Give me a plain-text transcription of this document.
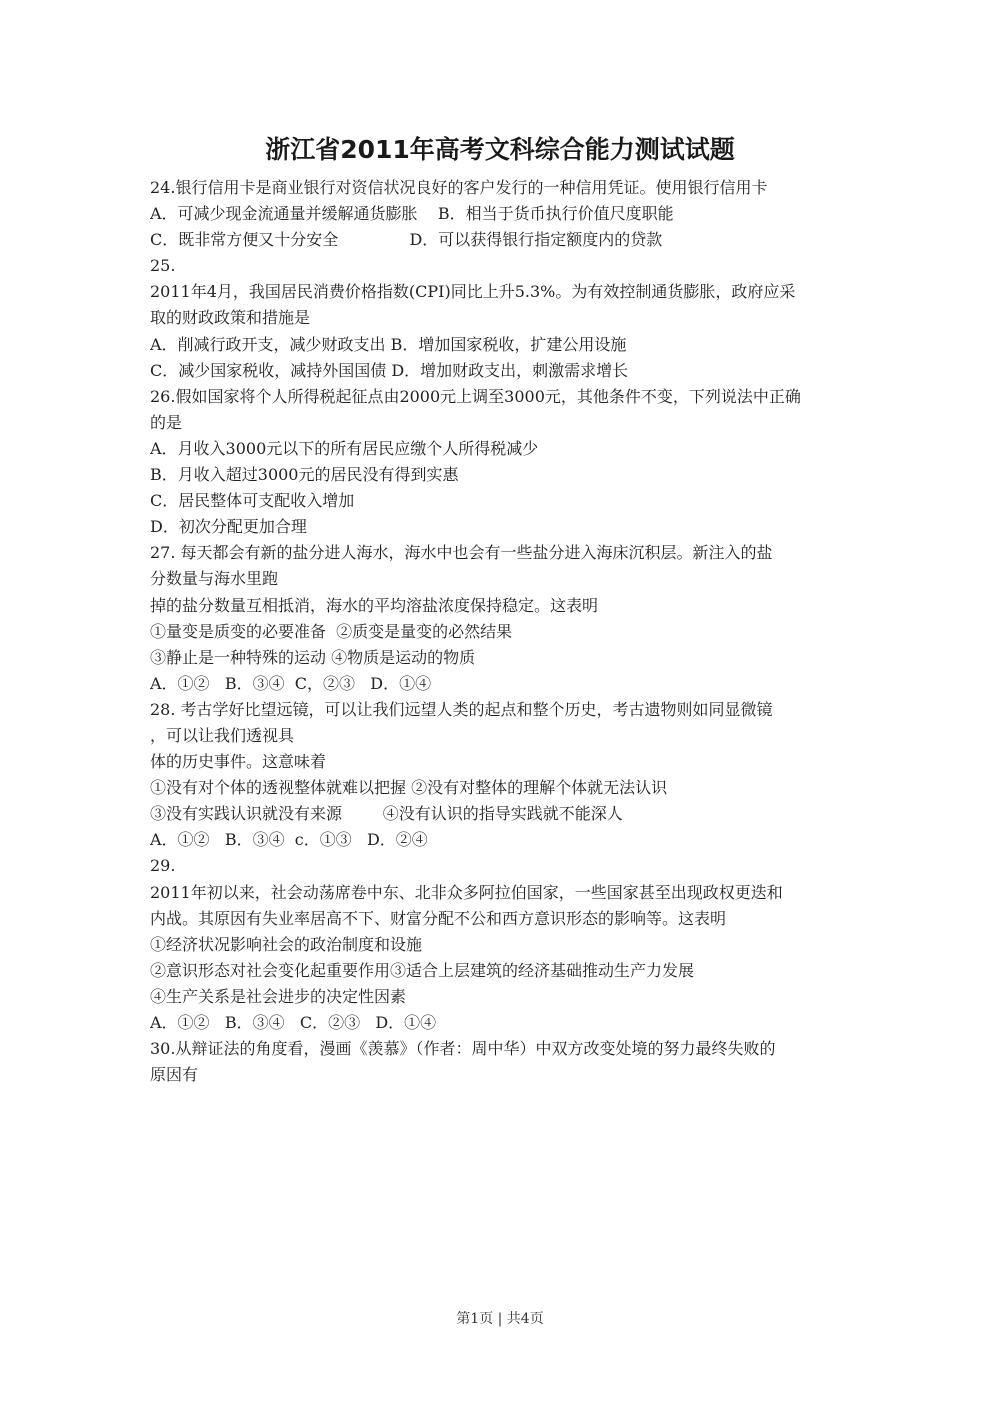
浙江省2011年高考文科综合能力测试试题
24.银行信用卡是商业银行对资信状况良好的客户发行的一种信用凭证。使用银行信用卡
A．可减少现金流通量并缓解通货膨胀    B．相当于货币执行价值尺度职能
C．既非常方便又十分安全              D．可以获得银行指定额度内的贷款
25.
2011年4月，我国居民消费价格指数(CPI)同比上升5.3%。为有效控制通货膨胀，政府应采
取的财政政策和措施是
A．削减行政开支，减少财政支出 B．增加国家税收，扩建公用设施
C．减少国家税收，减持外国国债 D．增加财政支出，刺激需求增长
26.假如国家将个人所得税起征点由2000元上调至3000元，其他条件不变，下列说法中正确
的是
A．月收入3000元以下的所有居民应缴个人所得税减少
B．月收入超过3000元的居民没有得到实惠
C．居民整体可支配收入增加
D．初次分配更加合理
27. 每天都会有新的盐分进人海水，海水中也会有一些盐分进入海床沉积层。新注入的盐
分数量与海水里跑
掉的盐分数量互相抵消，海水的平均溶盐浓度保持稳定。这表明
①量变是质变的必要准备  ②质变是量变的必然结果
③静止是一种特殊的运动 ④物质是运动的物质
A．①②   B．③④  C，②③   D．①④
28. 考古学好比望远镜，可以让我们远望人类的起点和整个历史，考古遗物则如同显微镜
，可以让我们透视具
体的历史事件。这意味着
①没有对个体的透视整体就难以把握 ②没有对整体的理解个体就无法认识
③没有实践认识就没有来源        ④没有认识的指导实践就不能深人
A．①②   B．③④  c．①③   D．②④
29.
2011年初以来，社会动荡席卷中东、北非众多阿拉伯国家，一些国家甚至出现政权更迭和
内战。其原因有失业率居高不下、财富分配不公和西方意识形态的影响等。这表明
①经济状况影响社会的政治制度和设施
②意识形态对社会变化起重要作用③适合上层建筑的经济基础推动生产力发展
④生产关系是社会进步的决定性因素
A．①②   B．③④   C．②③   D．①④
30.从辩证法的角度看，漫画《羡慕》（作者：周中华）中双方改变处境的努力最终失败的
原因有
第1页 | 共4页
